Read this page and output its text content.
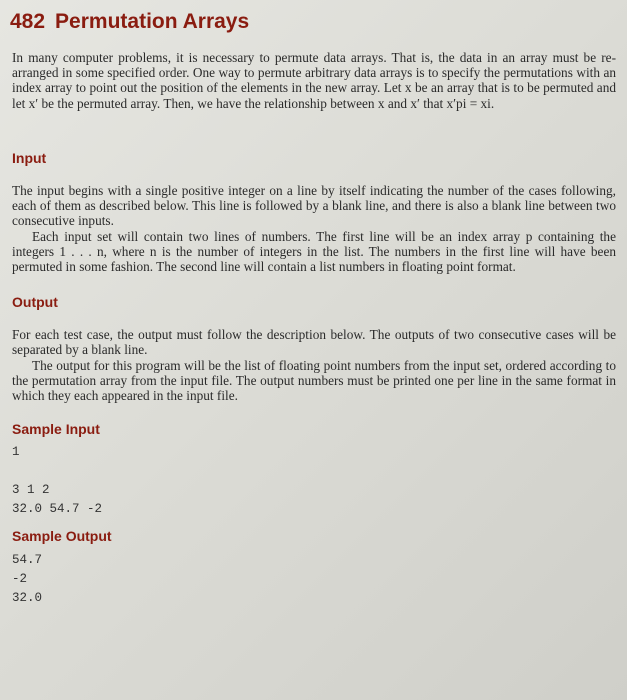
482 Permutation Arrays

In many computer problems, it is necessary to permute data arrays. That is, the data in an array must be re-arranged in some specified order. One way to permute arbitrary data arrays is to specify the permutations with an index array to point out the position of the elements in the new array. Let x be an array that is to be permuted and let x′ be the permuted array. Then, we have the relationship between x and x′ that x′pi = xi.

Input

The input begins with a single positive integer on a line by itself indicating the number of the cases following, each of them as described below. This line is followed by a blank line, and there is also a blank line between two consecutive inputs.

Each input set will contain two lines of numbers. The first line will be an index array p containing the integers 1 . . . n, where n is the number of integers in the list. The numbers in the first line will have been permuted in some fashion. The second line will contain a list numbers in floating point format.

Output

For each test case, the output must follow the description below. The outputs of two consecutive cases will be separated by a blank line.

The output for this program will be the list of floating point numbers from the input set, ordered according to the permutation array from the input file. The output numbers must be printed one per line in the same format in which they each appeared in the input file.

Sample Input
1
3 1 2
32.0 54.7 -2
Sample Output
54.7
-2
32.0
